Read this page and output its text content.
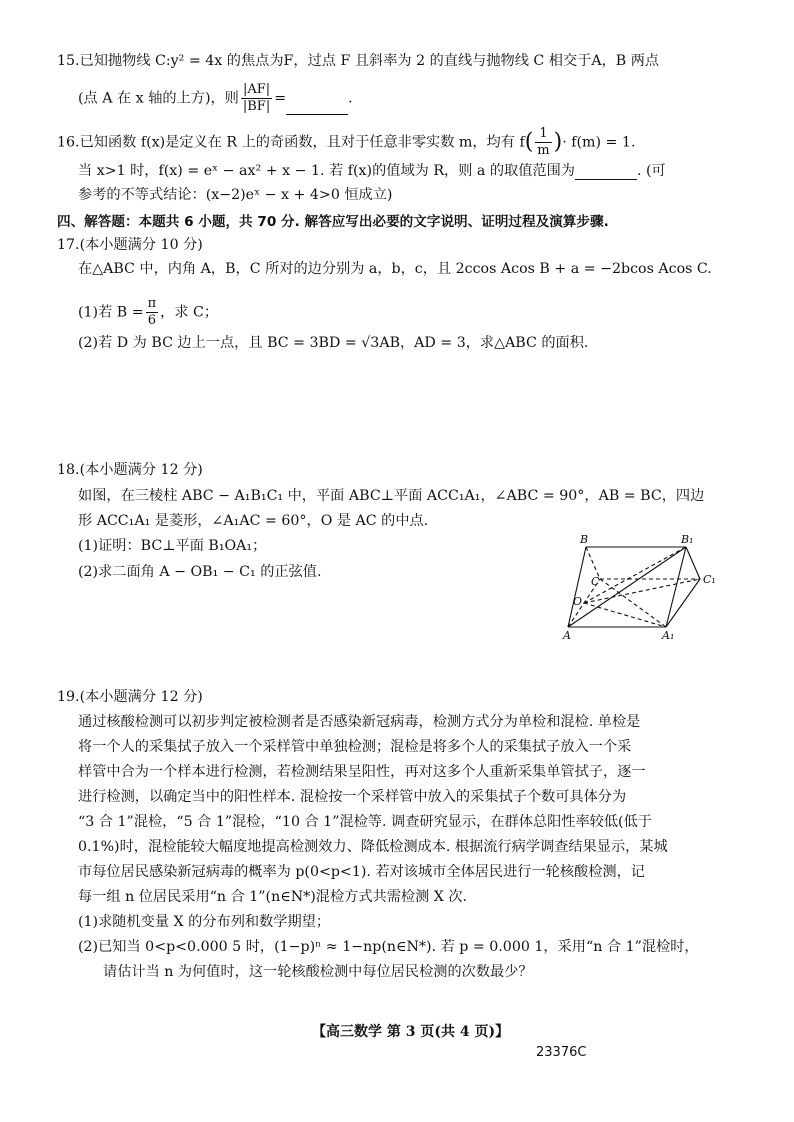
15.已知抛物线 C:y² = 4x 的焦点为F，过点 F 且斜率为 2 的直线与抛物线 C 相交于A，B 两点
(点 A 在 x 轴的上方)，则 $\frac{|AF|}{|BF|}$ =	.
16.已知函数 f(x)是定义在 R 上的奇函数，且对于任意非零实数 m，均有 $f( \frac{1}{m}$ )· f(m) = 1.
当 x>1 时，f(x) = eˣ − ax² + x − 1. 若 f(x)的值域为 R，则 a 的取值范围为	. (可
参考的不等式结论：(x−2)eˣ − x + 4>0 恒成立)
四、解答题：本题共 6 小题，共 70 分. 解答应写出必要的文字说明、证明过程及演算步骤.
17.(本小题满分 10 分)
在△ABC 中，内角 A，B，C 所对的边分别为 a，b，c，且 2ccos Acos B + a = −2bcos Acos C.
(1)若 $B = \frac{\pi}{6}$ ，求 C；
(2)若 D 为 BC 边上一点，且 BC = 3BD = √3AB，AD = 3，求△ABC 的面积.
18.(本小题满分 12 分)
如图，在三棱柱 ABC − A₁B₁C₁ 中，平面 ABC⊥平面 ACC₁A₁，∠ABC = 90°，AB = BC，四边
形 ACC₁A₁ 是菱形，∠A₁AC = 60°，O 是 AC 的中点.
(1)证明：BC⊥平面 B₁OA₁；
(2)求二面角 A − OB₁ − C₁ 的正弦值.
B	B₁
C	C₁
O
A	A₁
19.(本小题满分 12 分)
通过核酸检测可以初步判定被检测者是否感染新冠病毒，检测方式分为单检和混检. 单检是
将一个人的采集拭子放入一个采样管中单独检测；混检是将多个人的采集拭子放入一个采
样管中合为一个样本进行检测，若检测结果呈阳性，再对这多个人重新采集单管拭子，逐一
进行检测，以确定当中的阳性样本. 混检按一个采样管中放入的采集拭子个数可具体分为
“3 合 1”混检，“5 合 1”混检，“10 合 1”混检等. 调查研究显示，在群体总阳性率较低(低于
0.1%)时，混检能较大幅度地提高检测效力、降低检测成本. 根据流行病学调查结果显示，某城
市每位居民感染新冠病毒的概率为 p(0<p<1). 若对该城市全体居民进行一轮核酸检测，记
每一组 n 位居民采用“n 合 1”(n∈N*)混检方式共需检测 X 次.
(1)求随机变量 X 的分布列和数学期望；
(2)已知当 0<p<0.000 5 时，(1−p)ⁿ ≈ 1−np(n∈N*). 若 p = 0.000 1，采用“n 合 1”混检时，
请估计当 n 为何值时，这一轮核酸检测中每位居民检测的次数最少？
【高三数学 第 3 页(共 4 页)】
23376C
